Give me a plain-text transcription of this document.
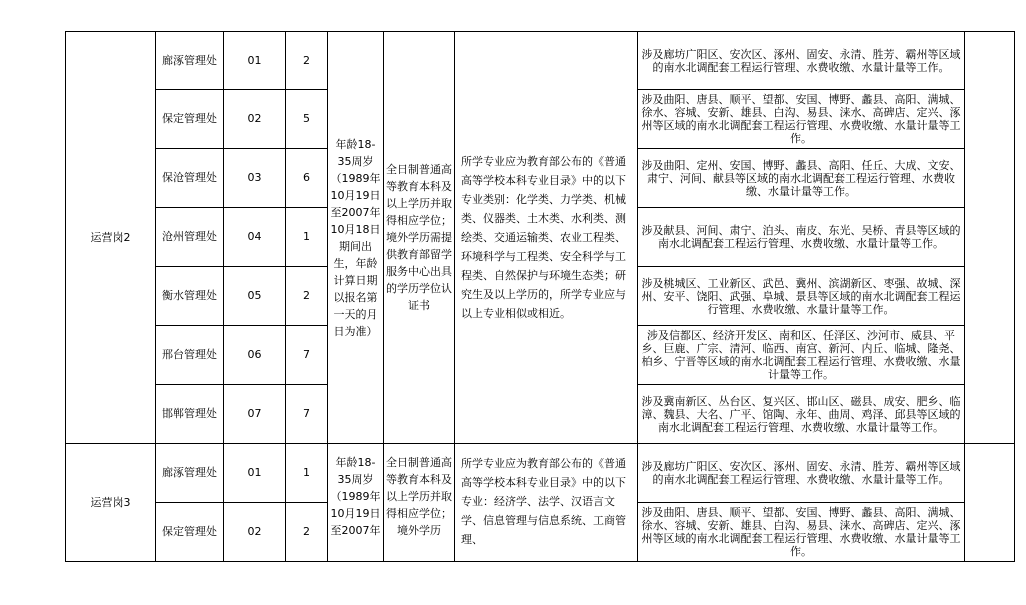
运营岗2	廊涿管理处	01	2	年龄18-35周岁（1989年10月19日至2007年10月18日期间出生，年龄计算日期以报名第一天的月日为准）	全日制普通高等教育本科及以上学历并取得相应学位；境外学历需提供教育部留学服务中心出具的学历学位认证书	所学专业应为教育部公布的《普通高等学校本科专业目录》中的以下专业类别：化学类、力学类、机械类、仪器类、土木类、水利类、测绘类、交通运输类、农业工程类、环境科学与工程类、安全科学与工程类、自然保护与环境生态类；研究生及以上学历的，所学专业应与以上专业相似或相近。	涉及廊坊广阳区、安次区、涿州、固安、永清、胜芳、霸州等区域的南水北调配套工程运行管理、水费收缴、水量计量等工作。	
	保定管理处	02	5				涉及曲阳、唐县、顺平、望都、安国、博野、蠡县、高阳、满城、徐水、容城、安新、雄县、白沟、易县、涞水、高碑店、定兴、涿州等区域的南水北调配套工程运行管理、水费收缴、水量计量等工作。	
	保沧管理处	03	6				涉及曲阳、定州、安国、博野、蠡县、高阳、任丘、大成、文安、肃宁、河间、献县等区域的南水北调配套工程运行管理、水费收缴、水量计量等工作。	
	沧州管理处	04	1				涉及献县、河间、肃宁、泊头、南皮、东光、吴桥、青县等区域的南水北调配套工程运行管理、水费收缴、水量计量等工作。	
	衡水管理处	05	2				涉及桃城区、工业新区、武邑、冀州、滨湖新区、枣强、故城、深州、安平、饶阳、武强、阜城、景县等区域的南水北调配套工程运行管理、水费收缴、水量计量等工作。	
	邢台管理处	06	7				涉及信都区、经济开发区、南和区、任泽区、沙河市、威县、平乡、巨鹿、广宗、清河、临西、南宫、新河、内丘、临城、隆尧、柏乡、宁晋等区域的南水北调配套工程运行管理、水费收缴、水量计量等工作。	
	邯郸管理处	07	7				涉及冀南新区、丛台区、复兴区、邯山区、磁县、成安、肥乡、临漳、魏县、大名、广平、馆陶、永年、曲周、鸡泽、邱县等区域的南水北调配套工程运行管理、水费收缴、水量计量等工作。	
运营岗3	廊涿管理处	01	1	年龄18-35周岁（1989年10月19日至2007年	全日制普通高等教育本科及以上学历并取得相应学位；境外学历	所学专业应为教育部公布的《普通高等学校本科专业目录》中的以下专业：经济学、法学、汉语言文学、信息管理与信息系统、工商管理、	涉及廊坊广阳区、安次区、涿州、固安、永清、胜芳、霸州等区域的南水北调配套工程运行管理、水费收缴、水量计量等工作。	
	保定管理处	02	2				涉及曲阳、唐县、顺平、望都、安国、博野、蠡县、高阳、满城、徐水、容城、安新、雄县、白沟、易县、涞水、高碑店、定兴、涿州等区域的南水北调配套工程运行管理、水费收缴、水量计量等工作。	
